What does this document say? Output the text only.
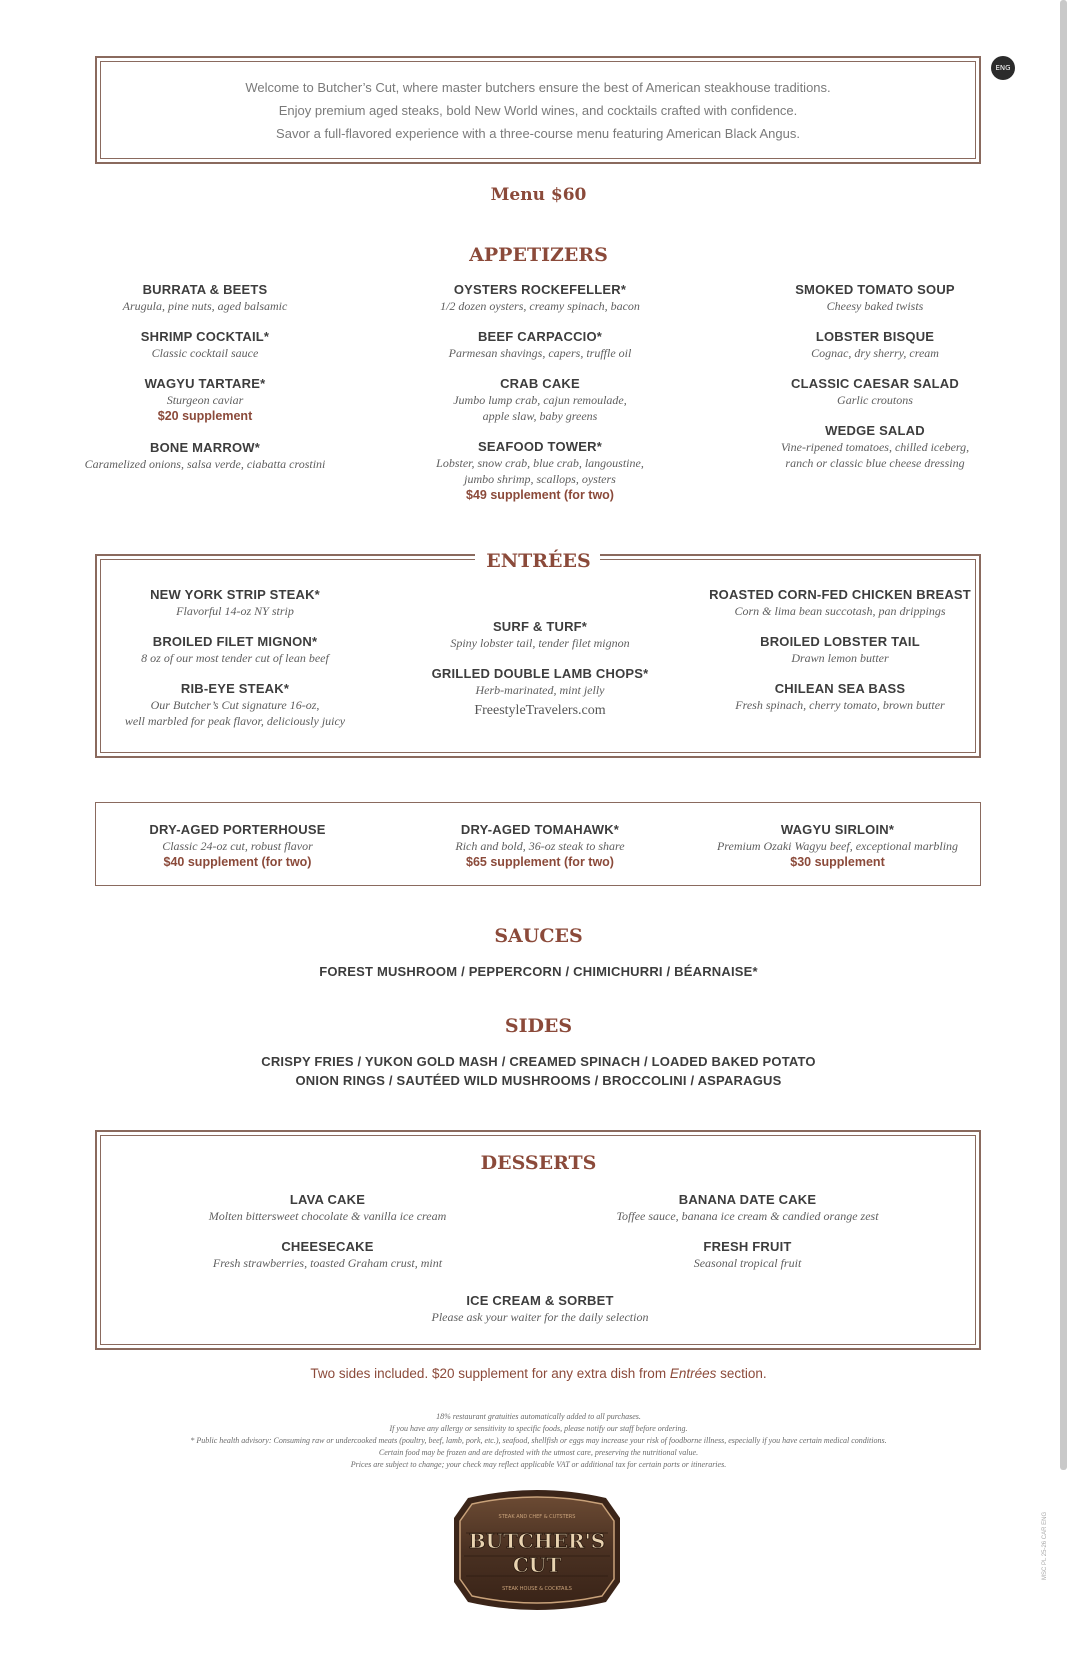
ENG
Welcome to Butcher’s Cut, where master butchers ensure the best of American steakhouse traditions.
Enjoy premium aged steaks, bold New World wines, and cocktails crafted with confidence.
Savor a full-flavored experience with a three-course menu featuring American Black Angus.
Menu $60
APPETIZERS
BURRATA & BEETS
Arugula, pine nuts, aged balsamic
SHRIMP COCKTAIL*
Classic cocktail sauce
WAGYU TARTARE*
Sturgeon caviar
$20 supplement
BONE MARROW*
Caramelized onions, salsa verde, ciabatta crostini
OYSTERS ROCKEFELLER*
1/2 dozen oysters, creamy spinach, bacon
BEEF CARPACCIO*
Parmesan shavings, capers, truffle oil
CRAB CAKE
Jumbo lump crab, cajun remoulade,
apple slaw, baby greens
SEAFOOD TOWER*
Lobster, snow crab, blue crab, langoustine,
jumbo shrimp, scallops, oysters
$49 supplement (for two)
SMOKED TOMATO SOUP
Cheesy baked twists
LOBSTER BISQUE
Cognac, dry sherry, cream
CLASSIC CAESAR SALAD
Garlic croutons
WEDGE SALAD
Vine-ripened tomatoes, chilled iceberg,
ranch or classic blue cheese dressing
ENTRÉES
NEW YORK STRIP STEAK*
Flavorful 14-oz NY strip
BROILED FILET MIGNON*
8 oz of our most tender cut of lean beef
RIB-EYE STEAK*
Our Butcher’s Cut signature 16-oz,
well marbled for peak flavor, deliciously juicy
SURF & TURF*
Spiny lobster tail, tender filet mignon
GRILLED DOUBLE LAMB CHOPS*
Herb-marinated, mint jelly
FreestyleTravelers.com
ROASTED CORN-FED CHICKEN BREAST
Corn & lima bean succotash, pan drippings
BROILED LOBSTER TAIL
Drawn lemon butter
CHILEAN SEA BASS
Fresh spinach, cherry tomato, brown butter
DRY-AGED PORTERHOUSE
Classic 24-oz cut, robust flavor
$40 supplement (for two)
DRY-AGED TOMAHAWK*
Rich and bold, 36-oz steak to share
$65 supplement (for two)
WAGYU SIRLOIN*
Premium Ozaki Wagyu beef, exceptional marbling
$30 supplement
SAUCES
FOREST MUSHROOM / PEPPERCORN / CHIMICHURRI / BÉARNAISE*
SIDES
CRISPY FRIES / YUKON GOLD MASH / CREAMED SPINACH / LOADED BAKED POTATO
ONION RINGS / SAUTÉED WILD MUSHROOMS / BROCCOLINI / ASPARAGUS
DESSERTS
LAVA CAKE
Molten bittersweet chocolate & vanilla ice cream
CHEESECAKE
Fresh strawberries, toasted Graham crust, mint
BANANA DATE CAKE
Toffee sauce, banana ice cream & candied orange zest
FRESH FRUIT
Seasonal tropical fruit
ICE CREAM & SORBET
Please ask your waiter for the daily selection
Two sides included. $20 supplement for any extra dish from Entrées section.
18% restaurant gratuities automatically added to all purchases.
If you have any allergy or sensitivity to specific foods, please notify our staff before ordering.
* Public health advisory: Consuming raw or undercooked meats (poultry, beef, lamb, pork, etc.), seafood, shellfish or eggs may increase your risk of foodborne illness, especially if you have certain medical conditions.
Certain food may be frozen and are defrosted with the utmost care, preserving the nutritional value.
Prices are subject to change; your check may reflect applicable VAT or additional tax for certain ports or itineraries.
STEAK AND CHEF & CUTSTERS
BUTCHER'S
CUT
STEAK HOUSE & COCKTAILS
MSC PL 25-26 CAR ENG
